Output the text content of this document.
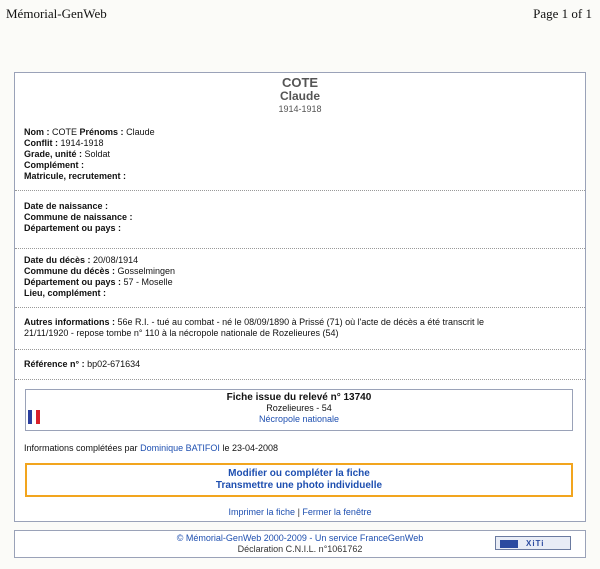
Mémorial-GenWeb	Page 1 of 1
COTE
Claude
1914-1918
Nom : COTE Prénoms : Claude
Conflit : 1914-1918
Grade, unité : Soldat
Complément :
Matricule, recrutement :
Date de naissance :
Commune de naissance :
Département ou pays :
Date du décès : 20/08/1914
Commune du décès : Gosselmingen
Département ou pays : 57 - Moselle
Lieu, complément :
Autres informations : 56e R.I. - tué au combat - né le 08/09/1890 à Prissé (71) où l'acte de décès a été transcrit le
21/11/1920 - repose tombe n° 110 à la nécropole nationale de Rozelieures (54)
Référence n° : bp02-671634
Fiche issue du relevé n° 13740
Rozelieures - 54
Nécropole nationale
Informations complétées par Dominique BATIFOI le 23-04-2008
Modifier ou compléter la fiche
Transmettre une photo individuelle
Imprimer la fiche | Fermer la fenêtre
© Mémorial-GenWeb 2000-2009 - Un service FranceGenWeb
Déclaration C.N.I.L. n°1061762
XiTi
